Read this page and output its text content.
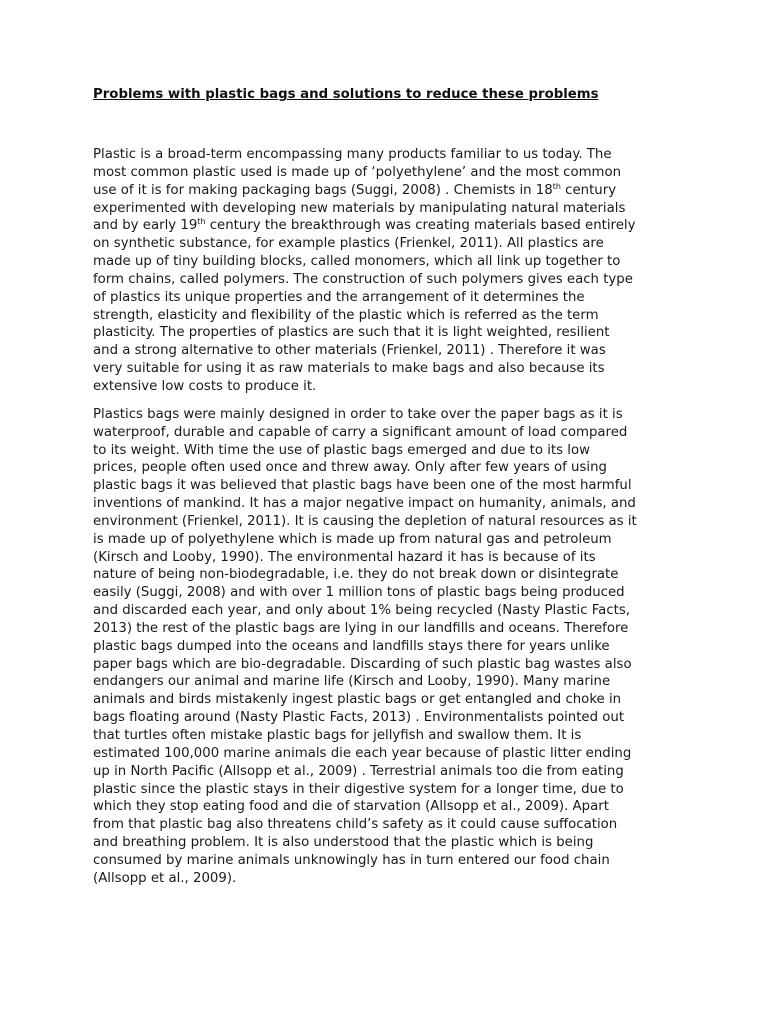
Problems with plastic bags and solutions to reduce these problems

Plastic is a broad-term encompassing many products familiar to us today. The
most common plastic used is made up of ‘polyethylene’ and the most common
use of it is for making packaging bags (Suggi, 2008) . Chemists in 18th century
experimented with developing new materials by manipulating natural materials
and by early 19th century the breakthrough was creating materials based entirely
on synthetic substance, for example plastics (Frienkel, 2011). All plastics are
made up of tiny building blocks, called monomers, which all link up together to
form chains, called polymers. The construction of such polymers gives each type
of plastics its unique properties and the arrangement of it determines the
strength, elasticity and flexibility of the plastic which is referred as the term
plasticity. The properties of plastics are such that it is light weighted, resilient
and a strong alternative to other materials (Frienkel, 2011) . Therefore it was
very suitable for using it as raw materials to make bags and also because its
extensive low costs to produce it.

Plastics bags were mainly designed in order to take over the paper bags as it is
waterproof, durable and capable of carry a significant amount of load compared
to its weight. With time the use of plastic bags emerged and due to its low
prices, people often used once and threw away. Only after few years of using
plastic bags it was believed that plastic bags have been one of the most harmful
inventions of mankind. It has a major negative impact on humanity, animals, and
environment (Frienkel, 2011). It is causing the depletion of natural resources as it
is made up of polyethylene which is made up from natural gas and petroleum
(Kirsch and Looby, 1990). The environmental hazard it has is because of its
nature of being non-biodegradable, i.e. they do not break down or disintegrate
easily (Suggi, 2008) and with over 1 million tons of plastic bags being produced
and discarded each year, and only about 1% being recycled (Nasty Plastic Facts,
2013) the rest of the plastic bags are lying in our landfills and oceans. Therefore
plastic bags dumped into the oceans and landfills stays there for years unlike
paper bags which are bio-degradable. Discarding of such plastic bag wastes also
endangers our animal and marine life (Kirsch and Looby, 1990). Many marine
animals and birds mistakenly ingest plastic bags or get entangled and choke in
bags floating around (Nasty Plastic Facts, 2013) . Environmentalists pointed out
that turtles often mistake plastic bags for jellyfish and swallow them. It is
estimated 100,000 marine animals die each year because of plastic litter ending
up in North Pacific (Allsopp et al., 2009) . Terrestrial animals too die from eating
plastic since the plastic stays in their digestive system for a longer time, due to
which they stop eating food and die of starvation (Allsopp et al., 2009). Apart
from that plastic bag also threatens child’s safety as it could cause suffocation
and breathing problem. It is also understood that the plastic which is being
consumed by marine animals unknowingly has in turn entered our food chain
(Allsopp et al., 2009).
